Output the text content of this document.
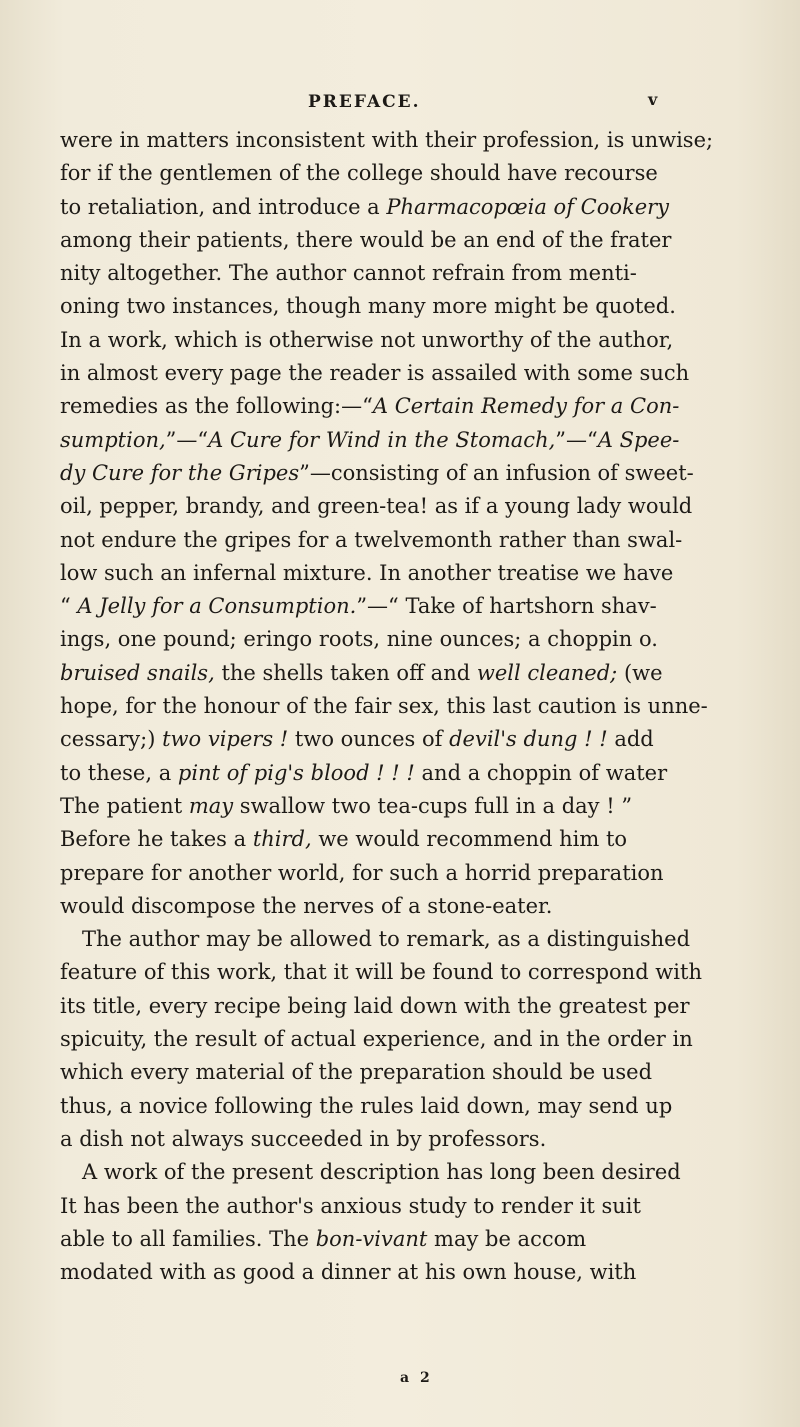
PREFACE.	v
were in matters inconsistent with their profession, is unwise;
for if the gentlemen of the college should have recourse
to retaliation, and introduce a Pharmacopœia of Cookery
among their patients, there would be an end of the frater
nity altogether. The author cannot refrain from menti-
oning two instances, though many more might be quoted.
In a work, which is otherwise not unworthy of the author,
in almost every page the reader is assailed with some such
remedies as the following:—“A Certain Remedy for a Con-
sumption,”—“A Cure for Wind in the Stomach,”—“A Spee-
dy Cure for the Gripes”—consisting of an infusion of sweet-
oil, pepper, brandy, and green-tea! as if a young lady would
not endure the gripes for a twelvemonth rather than swal-
low such an infernal mixture. In another treatise we have
“ A Jelly for a Consumption.”—“ Take of hartshorn shav-
ings, one pound; eringo roots, nine ounces; a choppin o.
bruised snails, the shells taken off and well cleaned; (we
hope, for the honour of the fair sex, this last caution is unne-
cessary;) two vipers ! two ounces of devil's dung ! ! add
to these, a pint of pig's blood ! ! ! and a choppin of water
The patient may swallow two tea-cups full in a day ! ”
Before he takes a third, we would recommend him to
prepare for another world, for such a horrid preparation
would discompose the nerves of a stone-eater.
The author may be allowed to remark, as a distinguished
feature of this work, that it will be found to correspond with
its title, every recipe being laid down with the greatest per
spicuity, the result of actual experience, and in the order in
which every material of the preparation should be used
thus, a novice following the rules laid down, may send up
a dish not always succeeded in by professors.
A work of the present description has long been desired
It has been the author's anxious study to render it suit
able to all families. The bon-vivant may be accom
modated with as good a dinner at his own house, with
a 2
